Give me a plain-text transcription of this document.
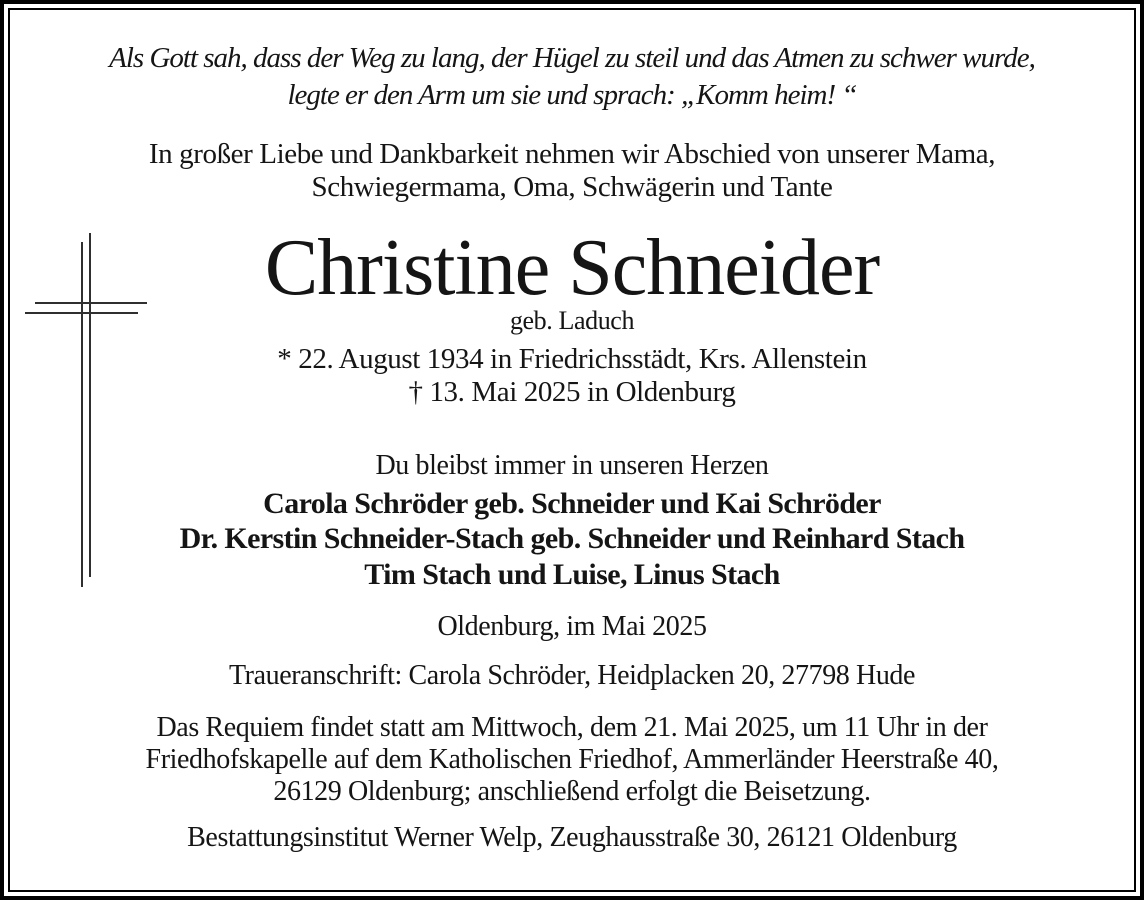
Als Gott sah, dass der Weg zu lang, der Hügel zu steil und das Atmen zu schwer wurde,
legte er den Arm um sie und sprach: „Komm heim! “
In großer Liebe und Dankbarkeit nehmen wir Abschied von unserer Mama,
Schwiegermama, Oma, Schwägerin und Tante
Christine Schneider
geb. Laduch
* 22. August 1934 in Friedrichsstädt, Krs. Allenstein
† 13. Mai 2025 in Oldenburg
Du bleibst immer in unseren Herzen
Carola Schröder geb. Schneider und Kai Schröder
Dr. Kerstin Schneider-Stach geb. Schneider und Reinhard Stach
Tim Stach und Luise, Linus Stach
Oldenburg, im Mai 2025
Traueranschrift: Carola Schröder, Heidplacken 20, 27798 Hude
Das Requiem findet statt am Mittwoch, dem 21. Mai 2025, um 11 Uhr in der
Friedhofskapelle auf dem Katholischen Friedhof, Ammerländer Heerstraße 40,
26129 Oldenburg; anschließend erfolgt die Beisetzung.
Bestattungsinstitut Werner Welp, Zeughausstraße 30, 26121 Oldenburg
